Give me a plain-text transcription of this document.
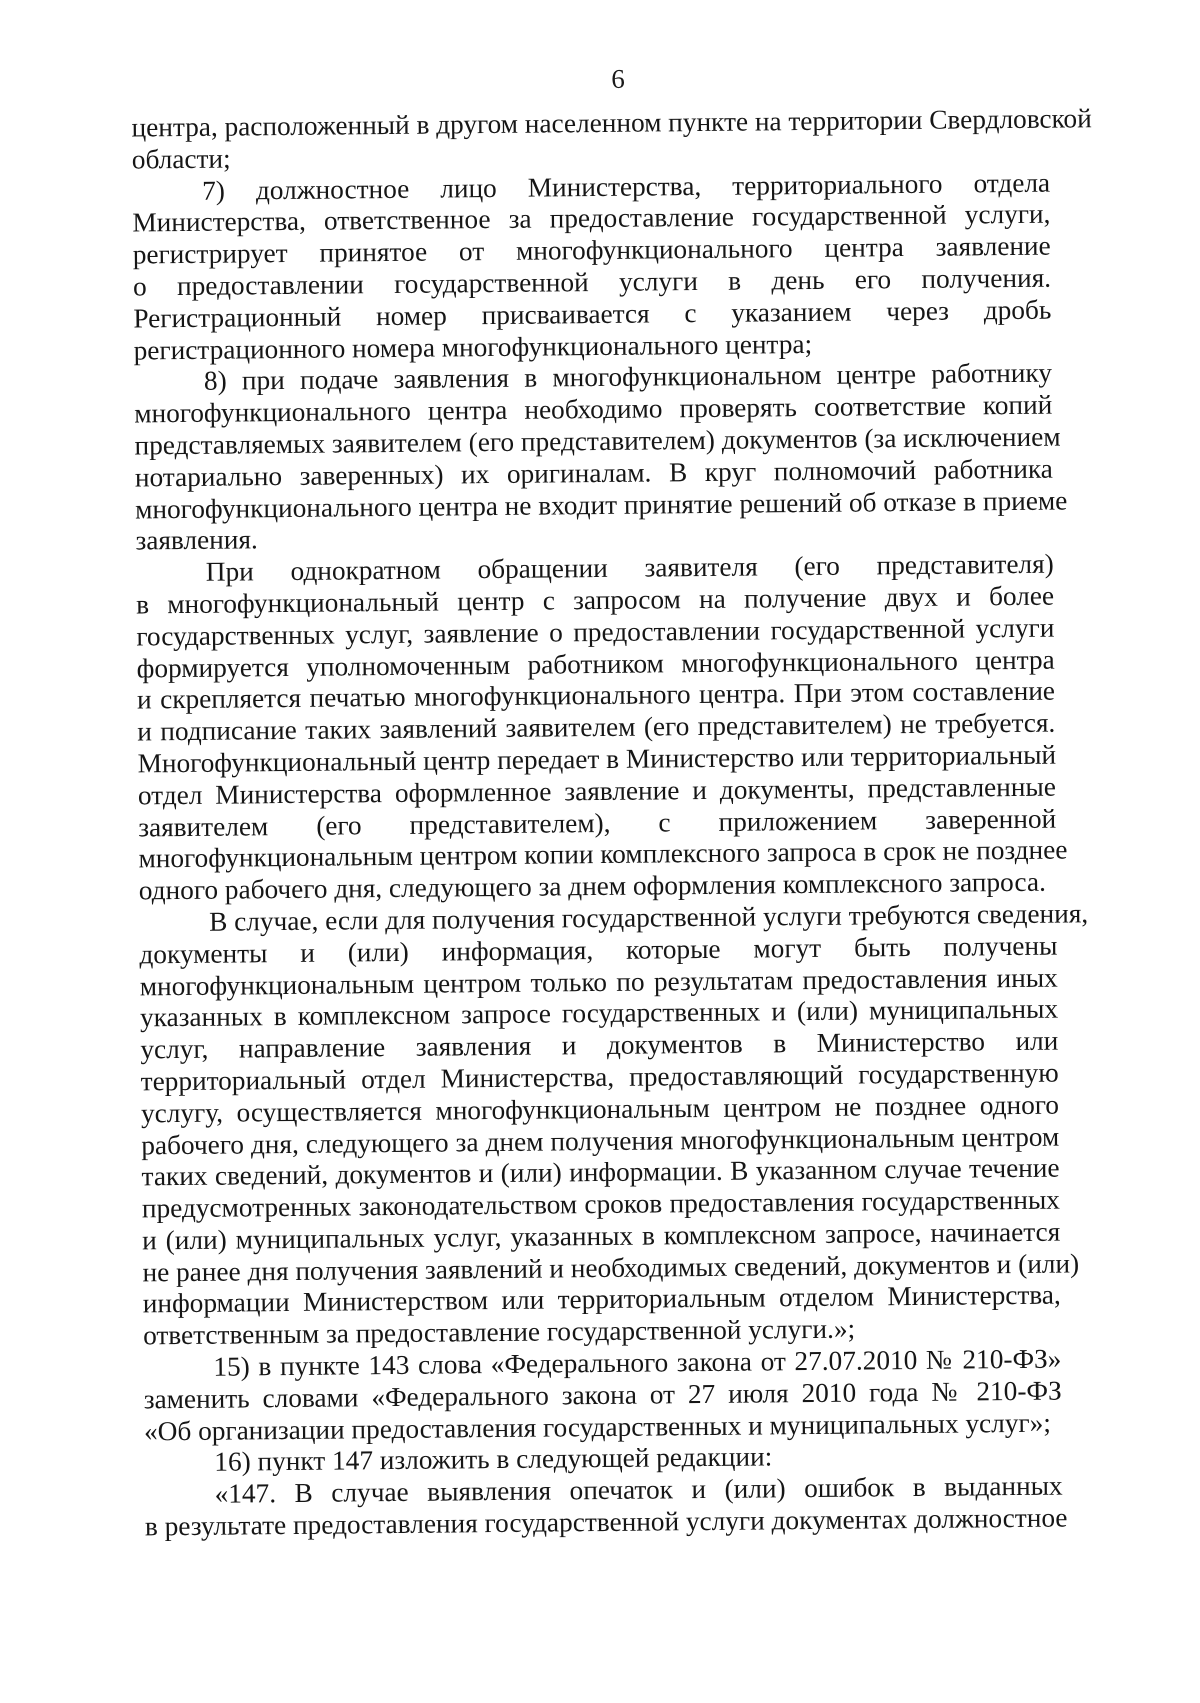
6

центра, расположенный в другом населенном пункте на территории Свердловской

области;

7) должностное лицо Министерства, территориального отдела

Министерства, ответственное за предоставление государственной услуги,

регистрирует принятое от многофункционального центра заявление

о предоставлении государственной услуги в день его получения.

Регистрационный номер присваивается с указанием через дробь

регистрационного номера многофункционального центра;

8) при подаче заявления в многофункциональном центре работнику

многофункционального центра необходимо проверять соответствие копий

представляемых заявителем (его представителем) документов (за исключением

нотариально заверенных) их оригиналам. В круг полномочий работника

многофункционального центра не входит принятие решений об отказе в приеме

заявления.

При однократном обращении заявителя (его представителя)

в многофункциональный центр с запросом на получение двух и более

государственных услуг, заявление о предоставлении государственной услуги

формируется уполномоченным работником многофункционального центра

и скрепляется печатью многофункционального центра. При этом составление

и подписание таких заявлений заявителем (его представителем) не требуется.

Многофункциональный центр передает в Министерство или территориальный

отдел Министерства оформленное заявление и документы, представленные

заявителем (его представителем), с приложением заверенной

многофункциональным центром копии комплексного запроса в срок не позднее

одного рабочего дня, следующего за днем оформления комплексного запроса.

В случае, если для получения государственной услуги требуются сведения,

документы и (или) информация, которые могут быть получены

многофункциональным центром только по результатам предоставления иных

указанных в комплексном запросе государственных и (или) муниципальных

услуг, направление заявления и документов в Министерство или

территориальный отдел Министерства, предоставляющий государственную

услугу, осуществляется многофункциональным центром не позднее одного

рабочего дня, следующего за днем получения многофункциональным центром

таких сведений, документов и (или) информации. В указанном случае течение

предусмотренных законодательством сроков предоставления государственных

и (или) муниципальных услуг, указанных в комплексном запросе, начинается

не ранее дня получения заявлений и необходимых сведений, документов и (или)

информации Министерством или территориальным отделом Министерства,

ответственным за предоставление государственной услуги.»;

15) в пункте 143 слова «Федерального закона от 27.07.2010 № 210-ФЗ»

заменить словами «Федерального закона от 27 июля 2010 года № 210-ФЗ

«Об организации предоставления государственных и муниципальных услуг»;

16) пункт 147 изложить в следующей редакции:

«147. В случае выявления опечаток и (или) ошибок в выданных

в результате предоставления государственной услуги документах должностное
